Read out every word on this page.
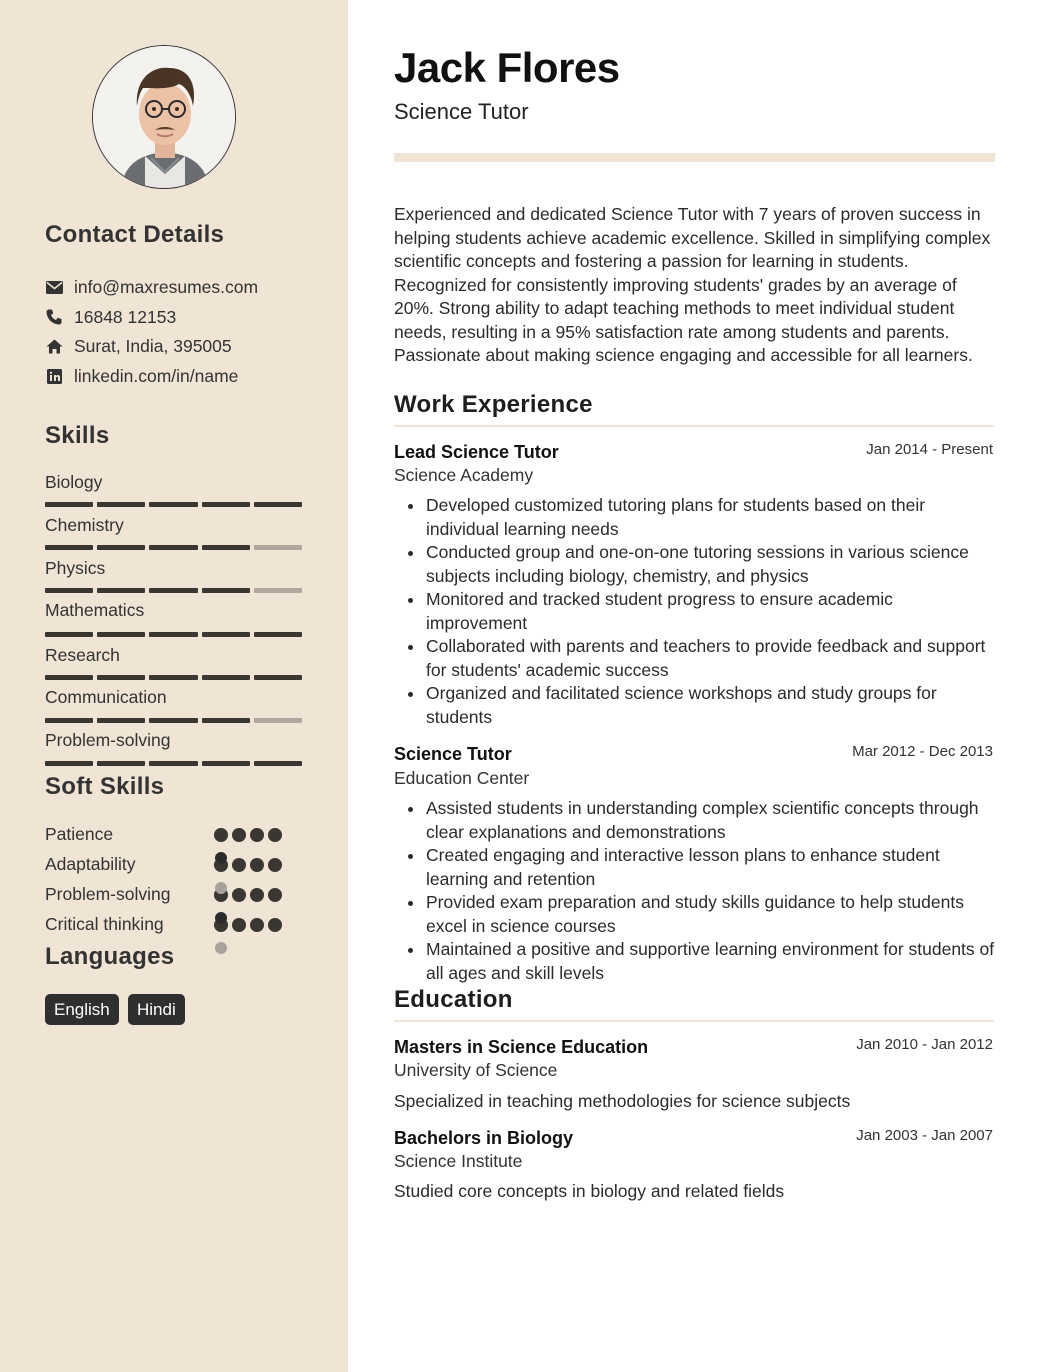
Contact Details
info@maxresumes.com
16848 12153
Surat, India, 395005
linkedin.com/in/name
Skills
Biology
Chemistry
Physics
Mathematics
Research
Communication
Problem-solving
Soft Skills
Patience
Adaptability
Problem-solving
Critical thinking
Languages
English	Hindi
Jack Flores
Science Tutor
Experienced and dedicated Science Tutor with 7 years of proven success in helping students achieve academic excellence. Skilled in simplifying complex scientific concepts and fostering a passion for learning in students. Recognized for consistently improving students' grades by an average of 20%. Strong ability to adapt teaching methods to meet individual student needs, resulting in a 95% satisfaction rate among students and parents. Passionate about making science engaging and accessible for all learners.
Work Experience
Lead Science Tutor	Jan 2014 - Present
Science Academy
Developed customized tutoring plans for students based on their individual learning needs
Conducted group and one-on-one tutoring sessions in various science subjects including biology, chemistry, and physics
Monitored and tracked student progress to ensure academic improvement
Collaborated with parents and teachers to provide feedback and support for students' academic success
Organized and facilitated science workshops and study groups for students
Science Tutor	Mar 2012 - Dec 2013
Education Center
Assisted students in understanding complex scientific concepts through clear explanations and demonstrations
Created engaging and interactive lesson plans to enhance student learning and retention
Provided exam preparation and study skills guidance to help students excel in science courses
Maintained a positive and supportive learning environment for students of all ages and skill levels
Education
Masters in Science Education	Jan 2010 - Jan 2012
University of Science
Specialized in teaching methodologies for science subjects
Bachelors in Biology	Jan 2003 - Jan 2007
Science Institute
Studied core concepts in biology and related fields
